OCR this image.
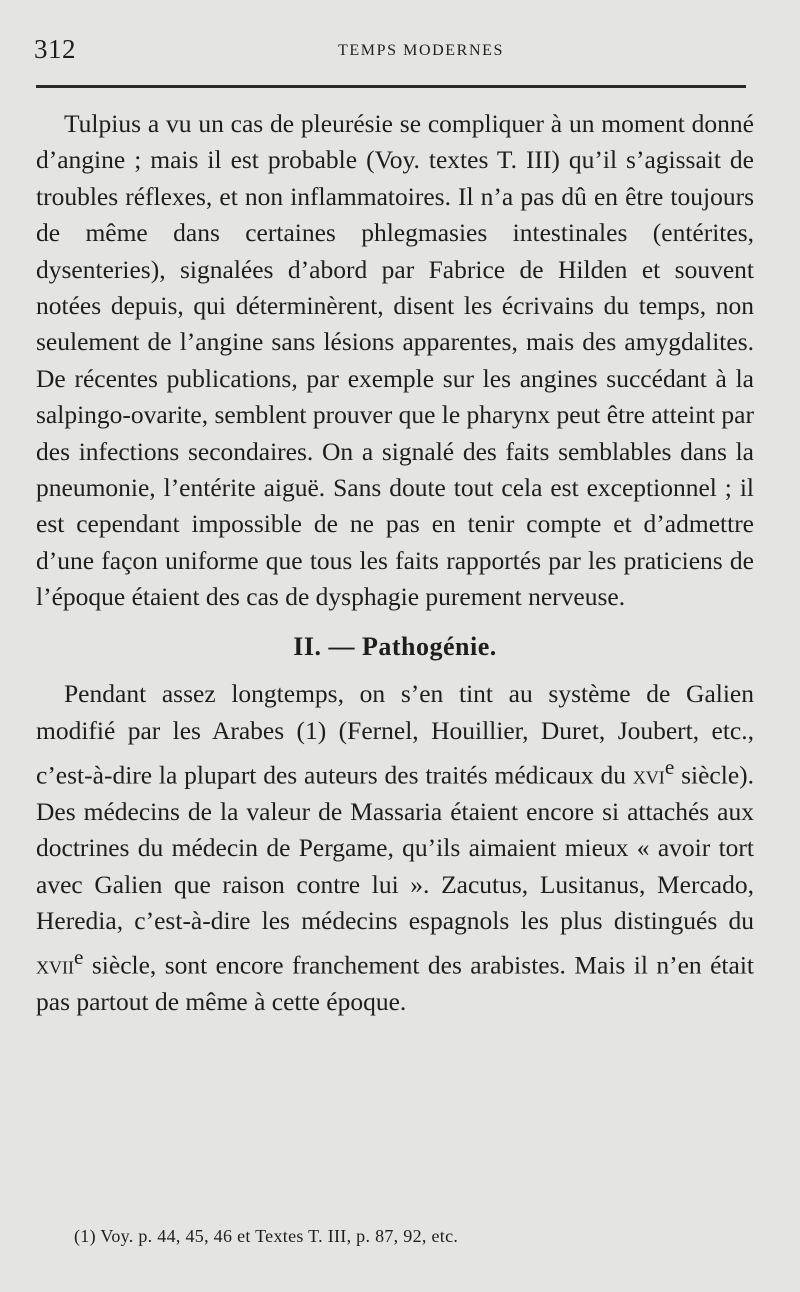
312	TEMPS MODERNES

Tulpius a vu un cas de pleurésie se compliquer à un moment donné d’angine ; mais il est probable (Voy. textes T. III) qu’il s’agissait de troubles réflexes, et non inflammatoires. Il n’a pas dû en être toujours de même dans certaines phlegmasies intestinales (entérites, dysenteries), signalées d’abord par Fabrice de Hilden et souvent notées depuis, qui déterminèrent, disent les écrivains du temps, non seulement de l’angine sans lésions apparentes, mais des amygdalites. De récentes publications, par exemple sur les angines succédant à la salpingo-ovarite, semblent prouver que le pharynx peut être atteint par des infections secondaires. On a signalé des faits semblables dans la pneumonie, l’entérite aiguë. Sans doute tout cela est exceptionnel ; il est cependant impossible de ne pas en tenir compte et d’admettre d’une façon uniforme que tous les faits rapportés par les praticiens de l’époque étaient des cas de dysphagie purement nerveuse.

II. — Pathogénie.

Pendant assez longtemps, on s’en tint au système de Galien modifié par les Arabes (1) (Fernel, Houillier, Duret, Joubert, etc., c’est-à-dire la plupart des auteurs des traités médicaux du xvi$^e$ siècle). Des médecins de la valeur de Massaria étaient encore si attachés aux doctrines du médecin de Pergame, qu’ils aimaient mieux « avoir tort avec Galien que raison contre lui ». Zacutus, Lusitanus, Mercado, Heredia, c’est-à-dire les médecins espagnols les plus distingués du xvii$^e$ siècle, sont encore franchement des arabistes. Mais il n’en était pas partout de même à cette époque.

(1) Voy. p. 44, 45, 46 et Textes T. III, p. 87, 92, etc.
